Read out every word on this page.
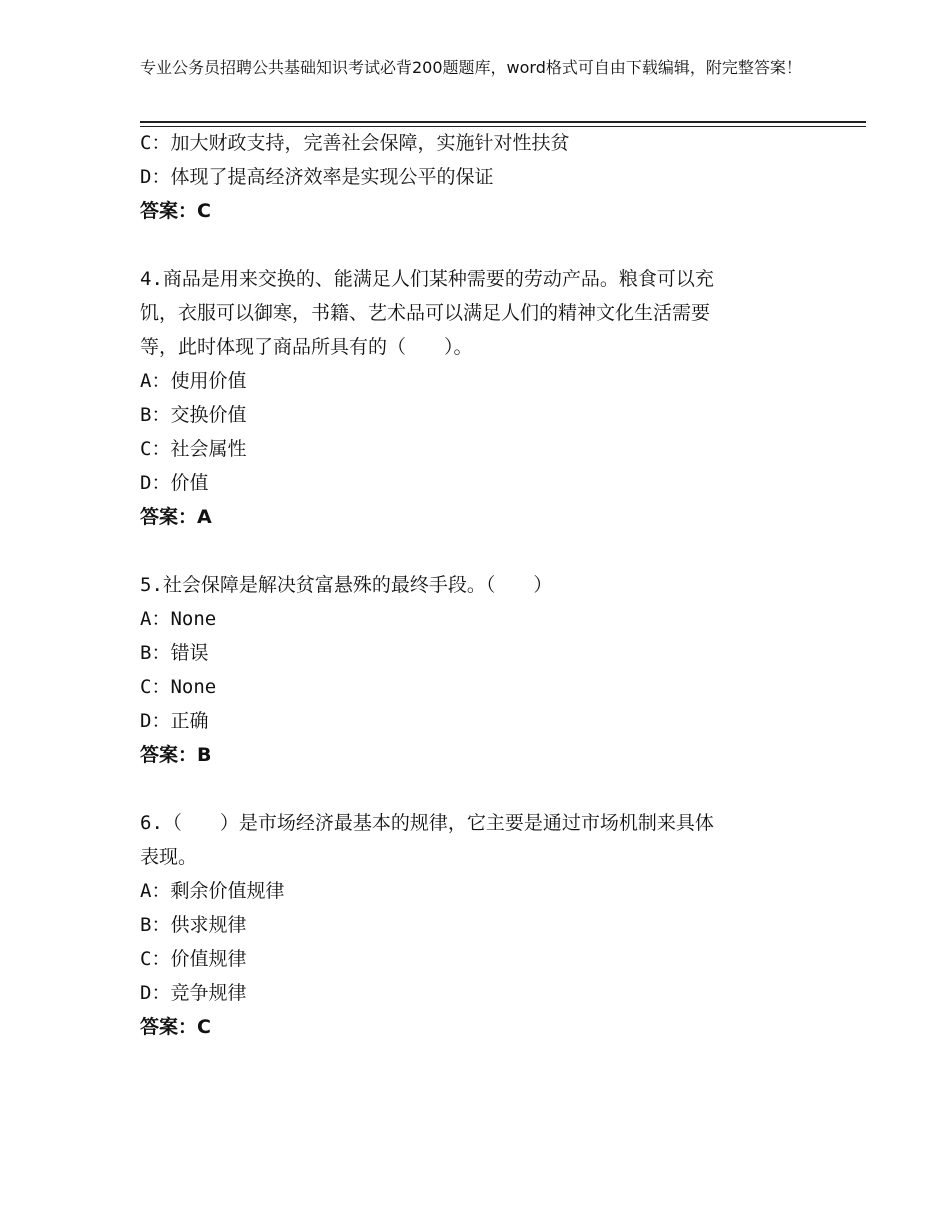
专业公务员招聘公共基础知识考试必背200题题库，word格式可自由下载编辑，附完整答案！
C：加大财政支持，完善社会保障，实施针对性扶贫
D：体现了提高经济效率是实现公平的保证
答案：C
4.商品是用来交换的、能满足人们某种需要的劳动产品。粮食可以充
饥，衣服可以御寒，书籍、艺术品可以满足人们的精神文化生活需要
等，此时体现了商品所具有的（　　）。
A：使用价值
B：交换价值
C：社会属性
D：价值
答案：A
5.社会保障是解决贫富悬殊的最终手段。（　　）
A：None
B：错误
C：None
D：正确
答案：B
6.（　　）是市场经济最基本的规律，它主要是通过市场机制来具体
表现。
A：剩余价值规律
B：供求规律
C：价值规律
D：竞争规律
答案：C
